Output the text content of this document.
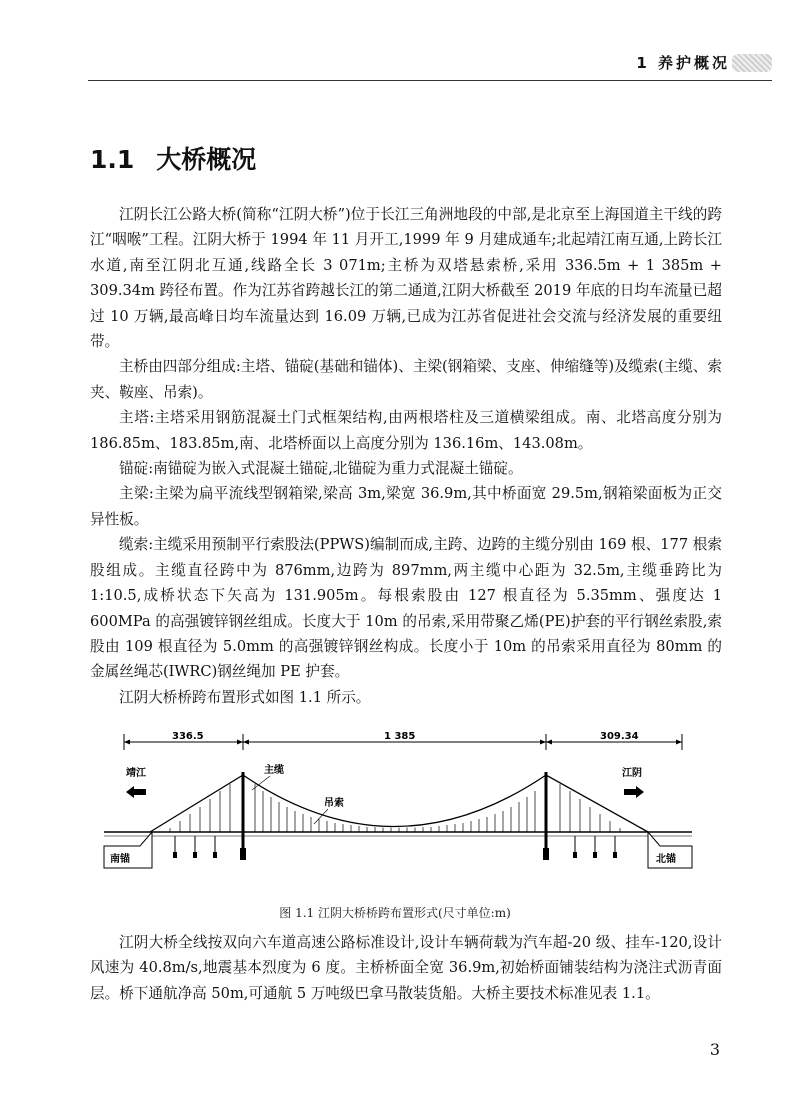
1 养护概况
1.1 大桥概况

江阴长江公路大桥(简称“江阴大桥”)位于长江三角洲地段的中部,是北京至上海国道主干线的跨江“咽喉”工程。江阴大桥于 1994 年 11 月开工,1999 年 9 月建成通车;北起靖江南互通,上跨长江水道,南至江阴北互通,线路全长 3 071m;主桥为双塔悬索桥,采用 336.5m + 1 385m + 309.34m 跨径布置。作为江苏省跨越长江的第二通道,江阴大桥截至 2019 年底的日均车流量已超过 10 万辆,最高峰日均车流量达到 16.09 万辆,已成为江苏省促进社会交流与经济发展的重要纽带。

主桥由四部分组成:主塔、锚碇(基础和锚体)、主梁(钢箱梁、支座、伸缩缝等)及缆索(主缆、索夹、鞍座、吊索)。

主塔:主塔采用钢筋混凝土门式框架结构,由两根塔柱及三道横梁组成。南、北塔高度分别为 186.85m、183.85m,南、北塔桥面以上高度分别为 136.16m、143.08m。

锚碇:南锚碇为嵌入式混凝土锚碇,北锚碇为重力式混凝土锚碇。

主梁:主梁为扁平流线型钢箱梁,梁高 3m,梁宽 36.9m,其中桥面宽 29.5m,钢箱梁面板为正交异性板。

缆索:主缆采用预制平行索股法(PPWS)编制而成,主跨、边跨的主缆分别由 169 根、177 根索股组成。主缆直径跨中为 876mm,边跨为 897mm,两主缆中心距为 32.5m,主缆垂跨比为 1:10.5,成桥状态下矢高为 131.905m。每根索股由 127 根直径为 5.35mm、强度达 1 600MPa 的高强镀锌钢丝组成。长度大于 10m 的吊索,采用带聚乙烯(PE)护套的平行钢丝索股,索股由 109 根直径为 5.0mm 的高强镀锌钢丝构成。长度小于 10m 的吊索采用直径为 80mm 的金属丝绳芯(IWRC)钢丝绳加 PE 护套。

江阴大桥桥跨布置形式如图 1.1 所示。

336.5	1 385	309.34
靖江	江阴
南锚	北锚
主缆
吊索
图 1.1 江阴大桥桥跨布置形式(尺寸单位:m)

江阴大桥全线按双向六车道高速公路标准设计,设计车辆荷载为汽车超-20 级、挂车-120,设计风速为 40.8m/s,地震基本烈度为 6 度。主桥桥面全宽 36.9m,初始桥面铺装结构为浇注式沥青面层。桥下通航净高 50m,可通航 5 万吨级巴拿马散装货船。大桥主要技术标准见表 1.1。

3
